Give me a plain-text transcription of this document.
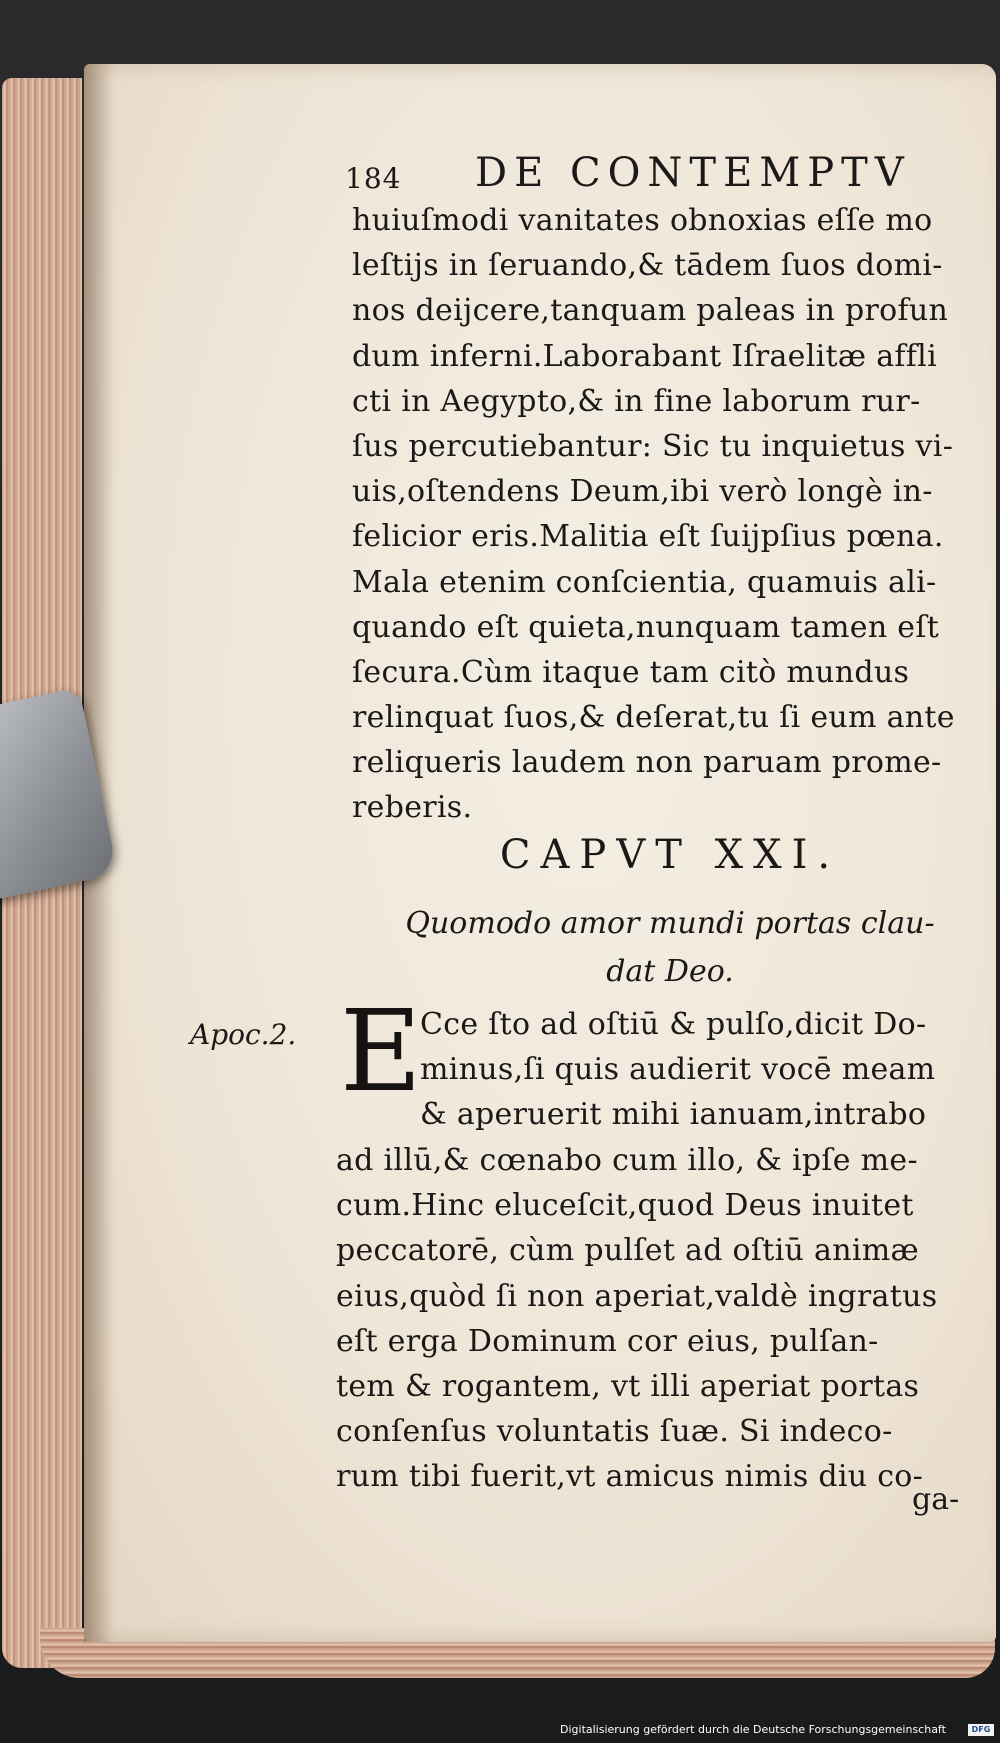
184 DE CONTEMPTV
huiuſmodi vanitates obnoxias eſſe mo
leſtijs in ſeruando,& tādem ſuos domi-
nos deijcere,tanquam paleas in profun
dum inferni.Laborabant Iſraelitæ affli
cti in Aegypto,& in fine laborum rur-
ſus percutiebantur: Sic tu inquietus vi-
uis,oſtendens Deum,ibi verò longè in-
felicior eris.Malitia eſt ſuijpſius pœna.
Mala etenim conſcientia, quamuis ali-
quando eſt quieta,nunquam tamen eſt
ſecura.Cùm itaque tam citò mundus
relinquat ſuos,& deſerat,tu ſi eum ante
reliqueris laudem non paruam prome-
reberis.
CAPVT XXI.
Quomodo amor mundi portas clau-
dat Deo.
Apoc.2. E
Cce ſto ad oſtiū & pulſo,dicit Do-
minus,ſi quis audierit vocē meam
& aperuerit mihi ianuam,intrabo
ad illū,& cœnabo cum illo, & ipſe me-
cum.Hinc eluceſcit,quod Deus inuitet
peccatorē, cùm pulſet ad oſtiū animæ
eius,quòd ſi non aperiat,valdè ingratus
eſt erga Dominum cor eius, pulſan-
tem & rogantem, vt illi aperiat portas
conſenſus voluntatis ſuæ. Si indeco-
rum tibi fuerit,vt amicus nimis diu co-
ga-
Digitalisierung gefördert durch die Deutsche Forschungsgemeinschaft	DFG
